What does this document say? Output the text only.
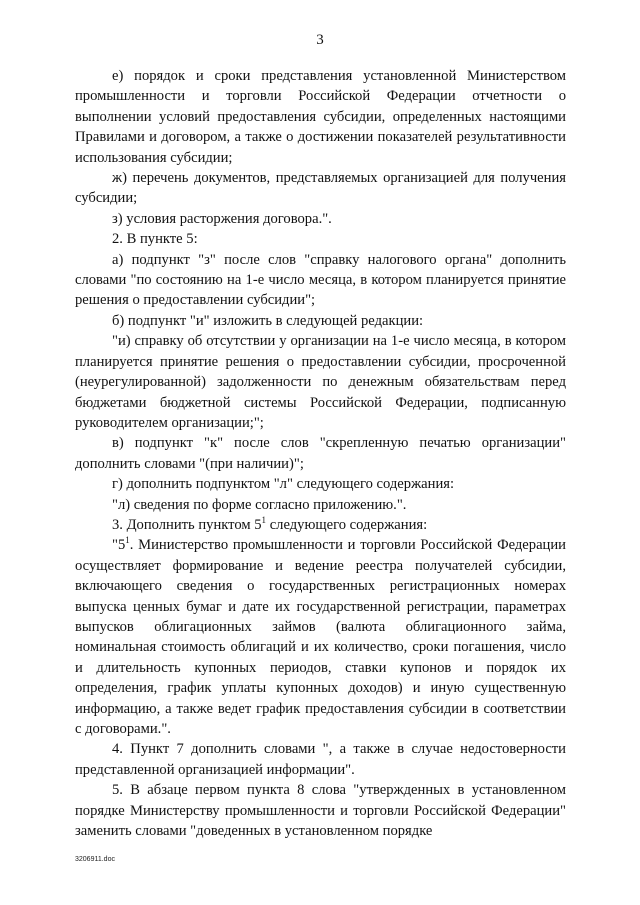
3

е) порядок и сроки представления установленной Министерством промышленности и торговли Российской Федерации отчетности о выполнении условий предоставления субсидии, определенных настоящими Правилами и договором, а также о достижении показателей результативности использования субсидии;

ж) перечень документов, представляемых организацией для получения субсидии;

з) условия расторжения договора.".

2. В пункте 5:

а) подпункт "з" после слов "справку налогового органа" дополнить словами "по состоянию на 1-е число месяца, в котором планируется принятие решения о предоставлении субсидии";

б) подпункт "и" изложить в следующей редакции:

"и) справку об отсутствии у организации на 1-е число месяца, в котором планируется принятие решения о предоставлении субсидии, просроченной (неурегулированной) задолженности по денежным обязательствам перед бюджетами бюджетной системы Российской Федерации, подписанную руководителем организации;";

в) подпункт "к" после слов "скрепленную печатью организации" дополнить словами "(при наличии)";

г) дополнить подпунктом "л" следующего содержания:

"л) сведения по форме согласно приложению.".

3. Дополнить пунктом $5^1$ следующего содержания:

"$5^1$. Министерство промышленности и торговли Российской Федерации осуществляет формирование и ведение реестра получателей субсидии, включающего сведения о государственных регистрационных номерах выпуска ценных бумаг и дате их государственной регистрации, параметрах выпусков облигационных займов (валюта облигационного займа, номинальная стоимость облигаций и их количество, сроки погашения, число и длительность купонных периодов, ставки купонов и порядок их определения, график уплаты купонных доходов) и иную существенную информацию, а также ведет график предоставления субсидии в соответствии с договорами.".

4. Пункт 7 дополнить словами ", а также в случае недостоверности представленной организацией информации".

5. В абзаце первом пункта 8 слова "утвержденных в установленном порядке Министерству промышленности и торговли Российской Федерации" заменить словами "доведенных в установленном порядке

3206911.doc
